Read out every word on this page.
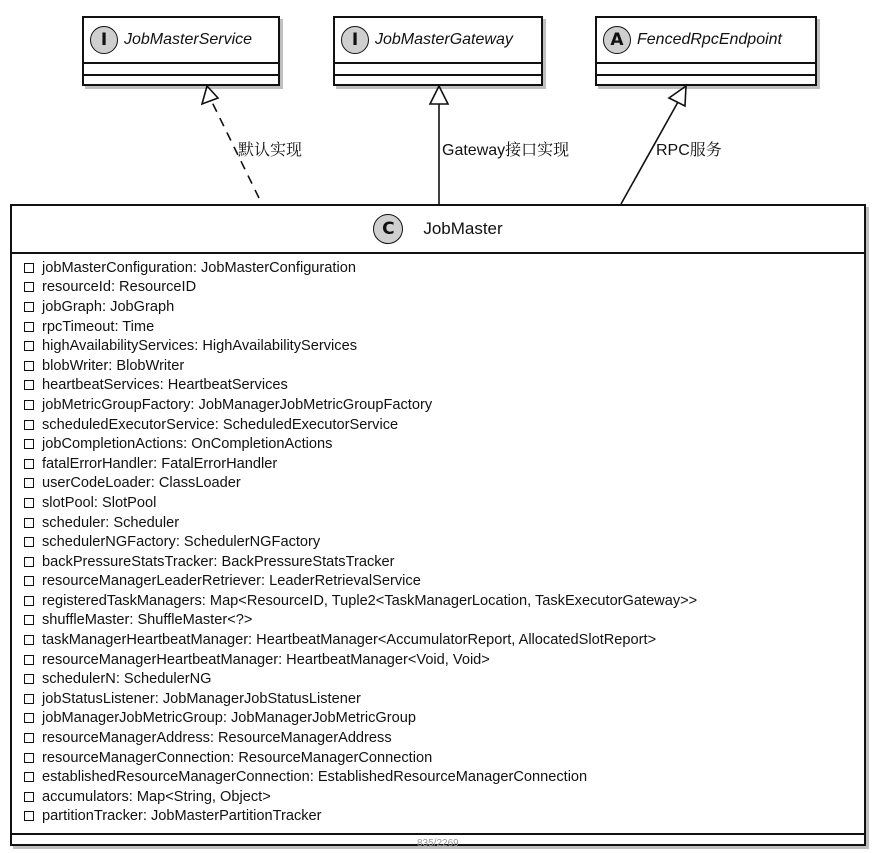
I	JobMasterService	I	JobMasterGateway	A FencedRpcEndpoint
默认实现	Gateway接口实现	RPC服务
C	JobMaster
jobMasterConfiguration: JobMasterConfiguration
resourceId: ResourceID
jobGraph: JobGraph
rpcTimeout: Time
highAvailabilityServices: HighAvailabilityServices
blobWriter: BlobWriter
heartbeatServices: HeartbeatServices
jobMetricGroupFactory: JobManagerJobMetricGroupFactory
scheduledExecutorService: ScheduledExecutorService
jobCompletionActions: OnCompletionActions
fatalErrorHandler: FatalErrorHandler
userCodeLoader: ClassLoader
slotPool: SlotPool
scheduler: Scheduler
schedulerNGFactory: SchedulerNGFactory
backPressureStatsTracker: BackPressureStatsTracker
resourceManagerLeaderRetriever: LeaderRetrievalService
registeredTaskManagers: Map<ResourceID, Tuple2<TaskManagerLocation, TaskExecutorGateway>>
shuffleMaster: ShuffleMaster<?>
taskManagerHeartbeatManager: HeartbeatManager<AccumulatorReport, AllocatedSlotReport>
resourceManagerHeartbeatManager: HeartbeatManager<Void, Void>
schedulerN: SchedulerNG
jobStatusListener: JobManagerJobStatusListener
jobManagerJobMetricGroup: JobManagerJobMetricGroup
resourceManagerAddress: ResourceManagerAddress
resourceManagerConnection: ResourceManagerConnection
establishedResourceManagerConnection: EstablishedResourceManagerConnection
accumulators: Map<String, Object>
partitionTracker: JobMasterPartitionTracker
835/2269
